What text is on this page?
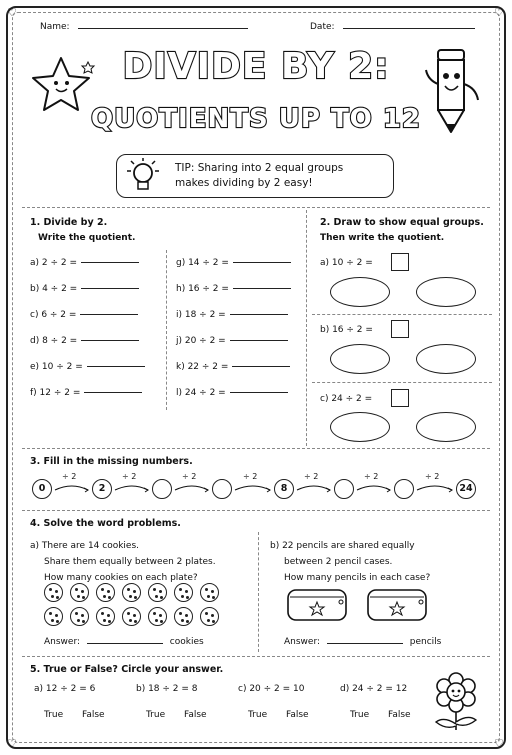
♡	♡
♡	♡
Name:	Date:
DIVIDE BY 2:
QUOTIENTS UP TO 12
TIP: Sharing into 2 equal groups makes dividing by 2 easy!
1. Divide by 2.
Write the quotient.
a) 2 ÷ 2 =
b) 4 ÷ 2 =
c) 6 ÷ 2 =
d) 8 ÷ 2 =
e) 10 ÷ 2 =
f) 12 ÷ 2 =
g) 14 ÷ 2 =
h) 16 ÷ 2 =
i) 18 ÷ 2 =
j) 20 ÷ 2 =
k) 22 ÷ 2 =
l) 24 ÷ 2 =
2. Draw to show equal groups.
Then write the quotient.
a) 10 ÷ 2 =
b) 16 ÷ 2 =
c) 24 ÷ 2 =
3. Fill in the missing numbers.
0
÷ 2
2
÷ 2	÷ 2	÷ 2
8
÷ 2	÷ 2	÷ 2
24
4. Solve the word problems.
a) There are 14 cookies.
Share them equally between 2 plates.
How many cookies on each plate?
Answer:	cookies
b) 22 pencils are shared equally
between 2 pencil cases.
How many pencils in each case?
Answer:	pencils
5. True or False? Circle your answer.
a) 12 ÷ 2 = 6
True False
b) 18 ÷ 2 = 8
True False
c) 20 ÷ 2 = 10
True False
d) 24 ÷ 2 = 12
True False
